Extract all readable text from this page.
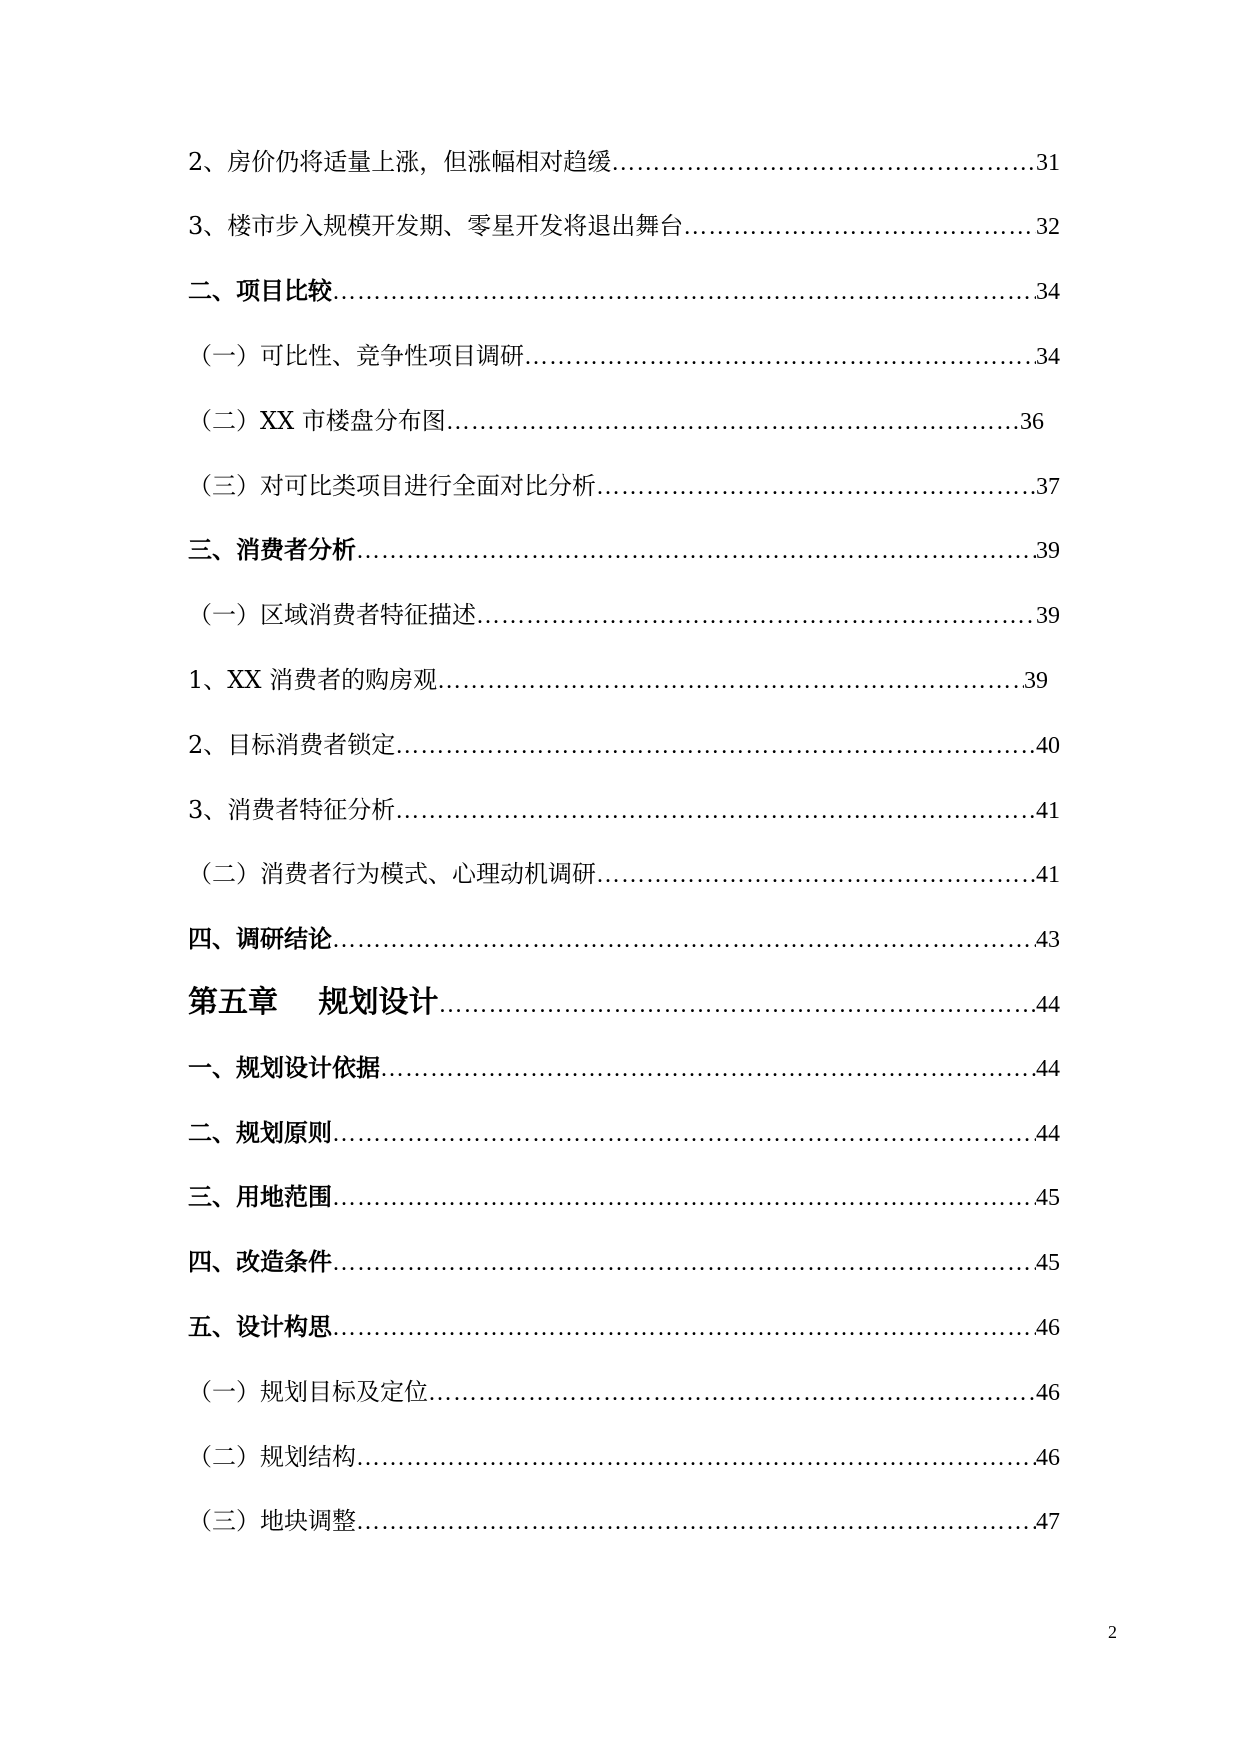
2、房价仍将适量上涨，但涨幅相对趋缓 ……………………………………………………………………………………………………………………………………………………………………………………………………	31
3、楼市步入规模开发期、零星开发将退出舞台 ……………………………………………………………………………………………………………………………………………………………………………………………………	32
二、项目比较 ……………………………………………………………………………………………………………………………………………………………………………………………………	34
（一）可比性、竞争性项目调研 ……………………………………………………………………………………………………………………………………………………………………………………………………	34
（二）XX 市楼盘分布图 ……………………………………………………………………………………………………………………………………………………………………………………………………	36
（三）对可比类项目进行全面对比分析 ……………………………………………………………………………………………………………………………………………………………………………………………………	37
三、消费者分析 ……………………………………………………………………………………………………………………………………………………………………………………………………	39
（一）区域消费者特征描述 ……………………………………………………………………………………………………………………………………………………………………………………………………	39
1、XX 消费者的购房观 ……………………………………………………………………………………………………………………………………………………………………………………………………	39
2、目标消费者锁定 ……………………………………………………………………………………………………………………………………………………………………………………………………	40
3、消费者特征分析 ……………………………………………………………………………………………………………………………………………………………………………………………………	41
（二）消费者行为模式、心理动机调研 ……………………………………………………………………………………………………………………………………………………………………………………………………	41
四、调研结论 ……………………………………………………………………………………………………………………………………………………………………………………………………	43
第五章 规划设计 ……………………………………………………………………………………………………………………………………………………………………………………………………	44
一、规划设计依据 ……………………………………………………………………………………………………………………………………………………………………………………………………	44
二、规划原则 ……………………………………………………………………………………………………………………………………………………………………………………………………	44
三、用地范围 ……………………………………………………………………………………………………………………………………………………………………………………………………	45
四、改造条件 ……………………………………………………………………………………………………………………………………………………………………………………………………	45
五、设计构思 ……………………………………………………………………………………………………………………………………………………………………………………………………	46
（一）规划目标及定位 ……………………………………………………………………………………………………………………………………………………………………………………………………	46
（二）规划结构 ……………………………………………………………………………………………………………………………………………………………………………………………………	46
（三）地块调整 ……………………………………………………………………………………………………………………………………………………………………………………………………	47
2
